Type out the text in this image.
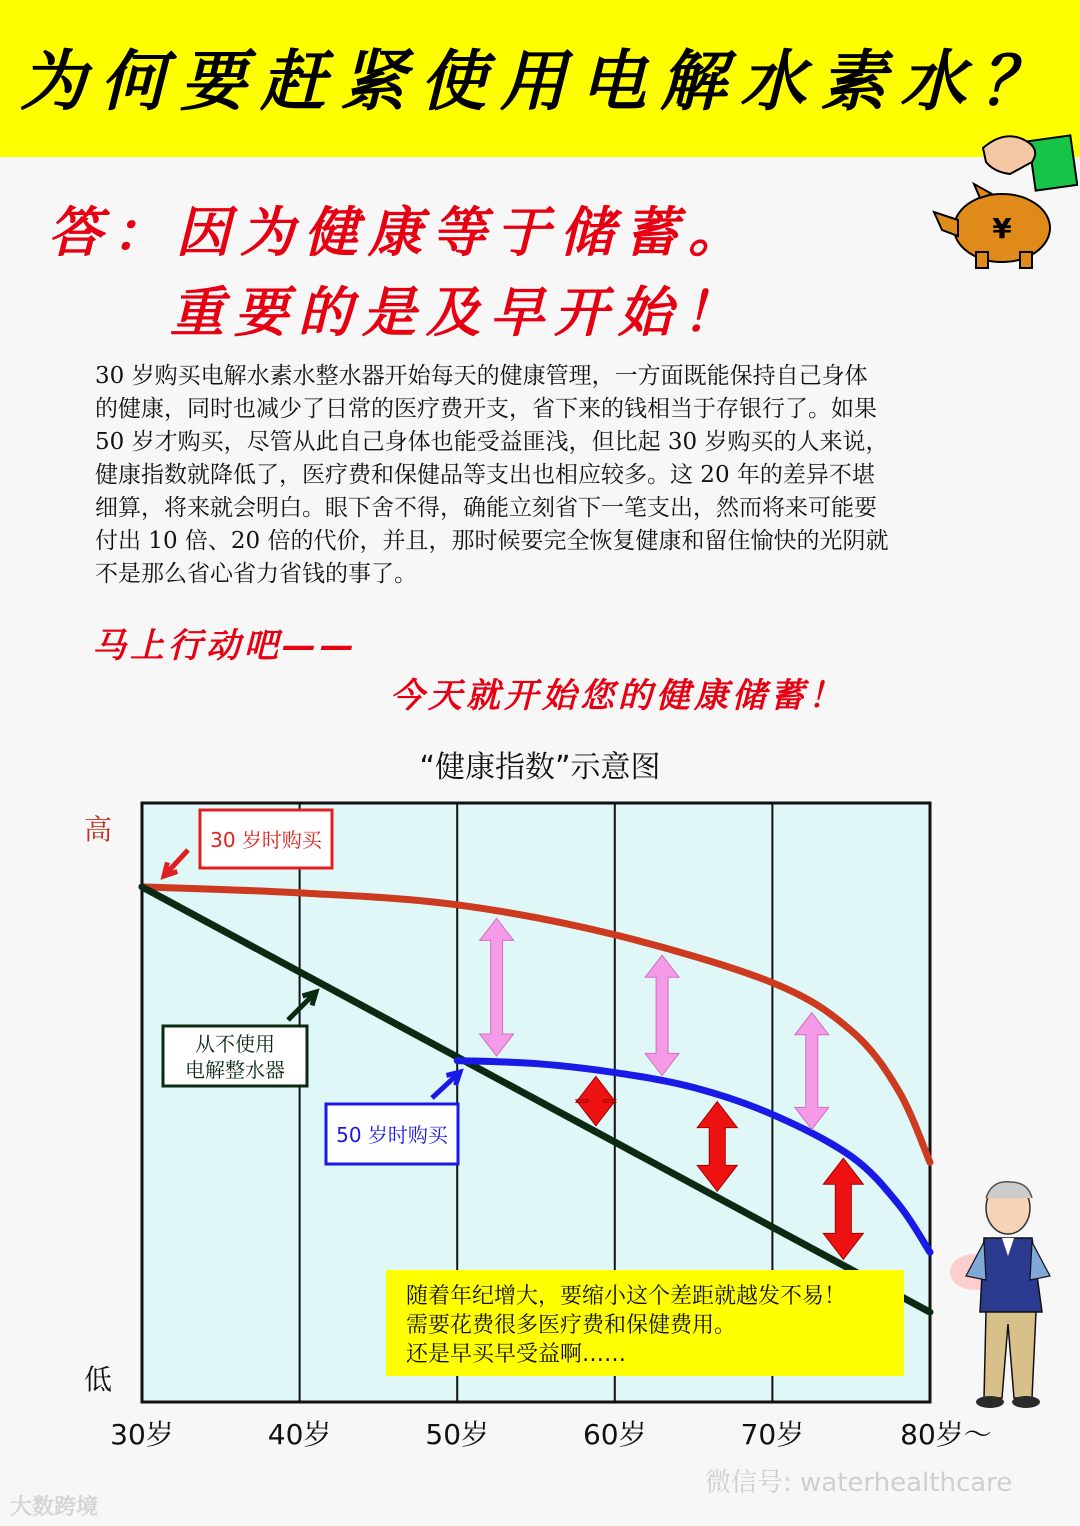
为何要赶紧使用电解水素水？
¥
答：因为健康等于储蓄。
重要的是及早开始！

30 岁购买电解水素水整水器开始每天的健康管理，一方面既能保持自己身体

的健康，同时也减少了日常的医疗费开支，省下来的钱相当于存银行了。如果

50 岁才购买，尽管从此自己身体也能受益匪浅，但比起 30 岁购买的人来说，

健康指数就降低了，医疗费和保健品等支出也相应较多。这 20 年的差异不堪

细算，将来就会明白。眼下舍不得，确能立刻省下一笔支出，然而将来可能要

付出 10 倍、20 倍的代价，并且，那时候要完全恢复健康和留住愉快的光阴就

不是那么省心省力省钱的事了。

马上行动吧——
今天就开始您的健康储蓄！
“健康指数”示意图
高
低
30岁	40岁	50岁	60岁	70岁	80岁～
30 岁时购买
从不使用
电解整水器
50 岁时购买

随着年纪增大，要缩小这个差距就越发不易！

需要花费很多医疗费和保健费用。

还是早买早受益啊……

微信号: waterhealthcare
大数跨境
